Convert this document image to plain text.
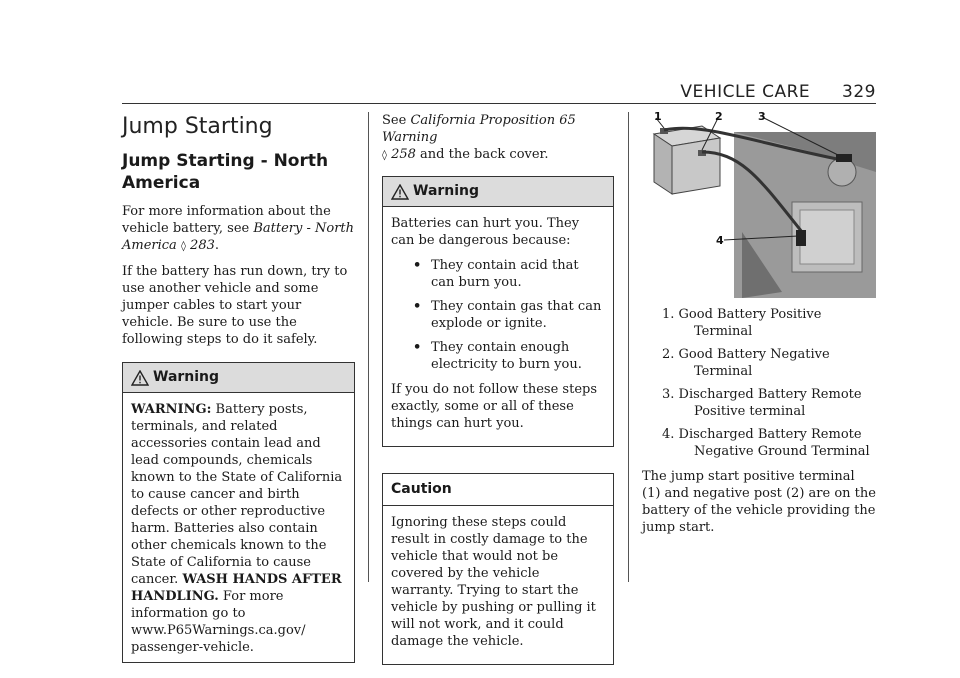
VEHICLE CARE 329
Jump Starting
Jump Starting - North America

For more information about the vehicle battery, see Battery - North America ◊ 283.

If the battery has run down, try to use another vehicle and some jumper cables to start your vehicle. Be sure to use the following steps to do it safely.

Warning
WARNING: Battery posts, terminals, and related accessories contain lead and lead compounds, chemicals known to the State of California to cause cancer and birth defects or other reproductive harm. Batteries also contain other chemicals known to the State of California to cause cancer. WASH HANDS AFTER HANDLING. For more information go to www.P65Warnings.ca.gov/ passenger-vehicle.

See California Proposition 65 Warning
◊ 258 and the back cover.

Warning

Batteries can hurt you. They can be dangerous because:

• They contain acid that can burn you.
• They contain gas that can explode or ignite.
• They contain enough electricity to burn you.

If you do not follow these steps exactly, some or all of these things can hurt you.

Caution

Ignoring these steps could result in costly damage to the vehicle that would not be covered by the vehicle warranty. Trying to start the vehicle by pushing or pulling it will not work, and it could damage the vehicle.

1	2	3
4
1. Good Battery Positive Terminal
2. Good Battery Negative Terminal
3. Discharged Battery Remote Positive terminal
4. Discharged Battery Remote Negative Ground Terminal

The jump start positive terminal (1) and negative post (2) are on the battery of the vehicle providing the jump start.
